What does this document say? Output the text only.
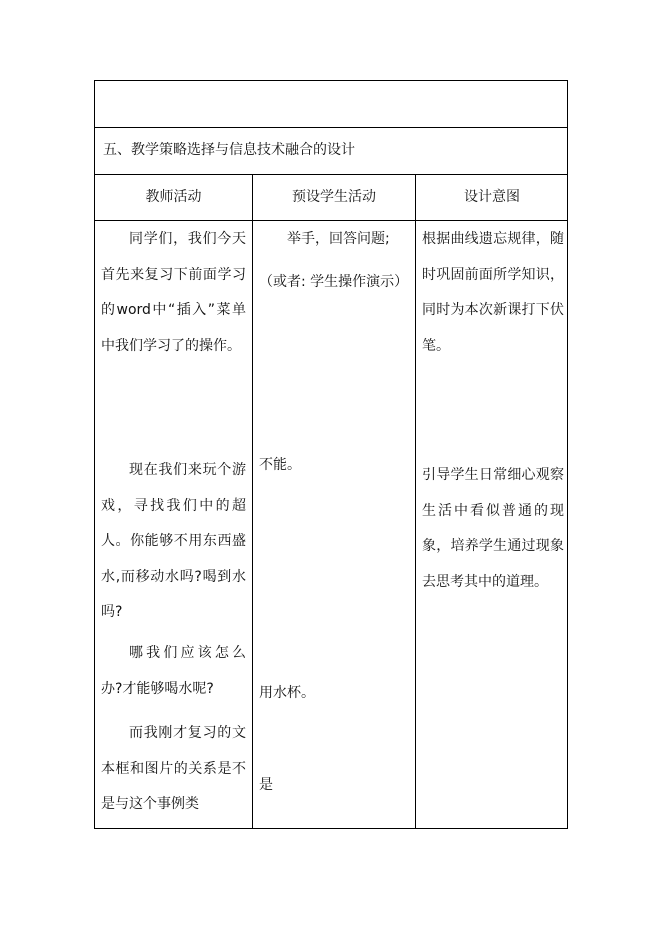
五、教学策略选择与信息技术融合的设计
教师活动	预设学生活动	设计意图
同学们，我们今天首先来复习下前面学习的word中“插入”菜单中我们学习了的操作。
现在我们来玩个游戏，寻找我们中的超人。你能够不用东西盛水,而移动水吗?喝到水吗?
哪我们应该怎么办?才能够喝水呢?
而我刚才复习的文本框和图片的关系是不是与这个事例类
举手，回答问题;
（或者: 学生操作演示）
不能。
用水杯。
是
根据曲线遗忘规律，随时巩固前面所学知识，同时为本次新课打下伏笔。
引导学生日常细心观察生活中看似普通的现象，培养学生通过现象去思考其中的道理。
